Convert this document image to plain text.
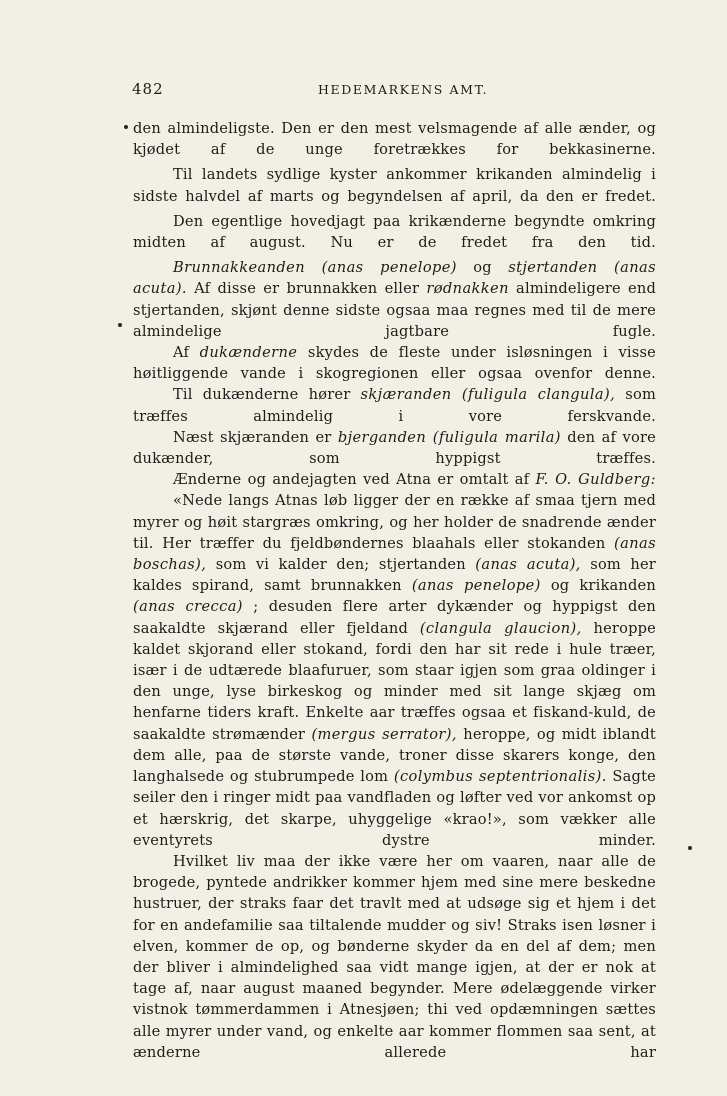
482	HEDEMARKENS AMT.

den almindeligste. Den er den mest velsmagende af alle ænder, og kjødet af de unge foretrækkes for bekkasinerne.

Til landets sydlige kyster ankommer krikanden almindelig i sidste halvdel af marts og begyndelsen af april, da den er fredet.

Den egentlige hovedjagt paa krikænderne begyndte omkring midten af august. Nu er de fredet fra den tid.

Brunnakkeanden (anas penelope) og stjertanden (anas acuta). Af disse er brunnakken eller rødnakken almindeligere end stjertanden, skjønt denne sidste ogsaa maa regnes med til de mere almindelige jagtbare fugle.

Af dukænderne skydes de fleste under isløsningen i visse høitliggende vande i skogregionen eller ogsaa ovenfor denne.

Til dukænderne hører skjæranden (fuligula clangula), som træffes almindelig i vore ferskvande.

Næst skjæranden er bjerganden (fuligula marila) den af vore dukænder, som hyppigst træffes.

Ænderne og andejagten ved Atna er omtalt af F. O. Guldberg:

«Nede langs Atnas løb ligger der en række af smaa tjern med myrer og høit stargræs omkring, og her holder de snadrende ænder til. Her træffer du fjeldbøndernes blaahals eller stokanden (anas boschas), som vi kalder den; stjertanden (anas acuta), som her kaldes spirand, samt brunnakken (anas penelope) og krikanden (anas crecca) ; desuden flere arter dykænder og hyppigst den saakaldte skjærand eller fjeldand (clangula glaucion), heroppe kaldet skjorand eller stokand, fordi den har sit rede i hule træer, især i de udtærede blaafuruer, som staar igjen som graa oldinger i den unge, lyse birkeskog og minder med sit lange skjæg om henfarne tiders kraft. Enkelte aar træffes ogsaa et fiskand-kuld, de saakaldte strømænder (mergus serrator), heroppe, og midt iblandt dem alle, paa de største vande, troner disse skarers konge, den langhalsede og stubrumpede lom (colymbus septentrionalis). Sagte seiler den i ringer midt paa vandfladen og løfter ved vor ankomst op et hærskrig, det skarpe, uhyggelige «krao!», som vækker alle eventyrets dystre minder.

Hvilket liv maa der ikke være her om vaaren, naar alle de brogede, pyntede andrikker kommer hjem med sine mere beskedne hustruer, der straks faar det travlt med at udsøge sig et hjem i det for en andefamilie saa tiltalende mudder og siv! Straks isen løsner i elven, kommer de op, og bønderne skyder da en del af dem; men der bliver i almindelighed saa vidt mange igjen, at der er nok at tage af, naar august maaned begynder. Mere ødelæggende virker vistnok tømmerdammen i Atnesjøen; thi ved opdæmningen sættes alle myrer under vand, og enkelte aar kommer flommen saa sent, at ænderne allerede har
